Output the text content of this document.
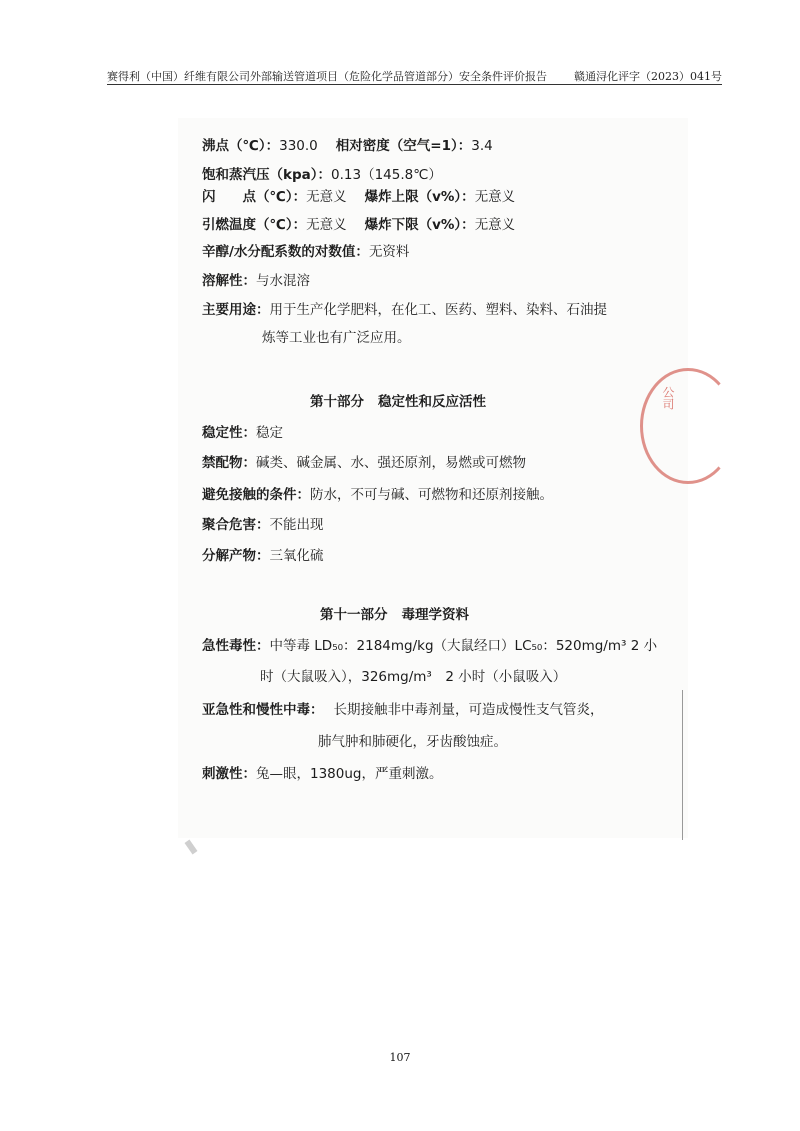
赛得利（中国）纤维有限公司外部输送管道项目（危险化学品管道部分）安全条件评价报告 赣通浔化评字（2023）041号
沸点（℃）：330.0 相对密度（空气=1）：3.4
饱和蒸汽压（kpa）：0.13（145.8℃）
闪　　点（℃）：无意义 爆炸上限（v%）：无意义
引燃温度（℃）：无意义 爆炸下限（v%）：无意义
辛醇/水分配系数的对数值：无资料
溶解性：与水混溶
主要用途：用于生产化学肥料，在化工、医药、塑料、染料、石油提
炼等工业也有广泛应用。
第十部分 稳定性和反应活性
稳定性：稳定
禁配物：碱类、碱金属、水、强还原剂，易燃或可燃物
避免接触的条件：防水，不可与碱、可燃物和还原剂接触。
聚合危害：不能出现
分解产物：三氧化硫
第十一部分 毒理学资料
急性毒性：中等毒 LD₅₀：2184mg/kg（大鼠经口）LC₅₀：520mg/m³ 2 小
时（大鼠吸入），326mg/m³　2 小时（小鼠吸入）
亚急性和慢性中毒： 长期接触非中毒剂量，可造成慢性支气管炎，
肺气肿和肺硬化，牙齿酸蚀症。
刺激性：兔—眼，1380ug，严重刺激。
公司
107
